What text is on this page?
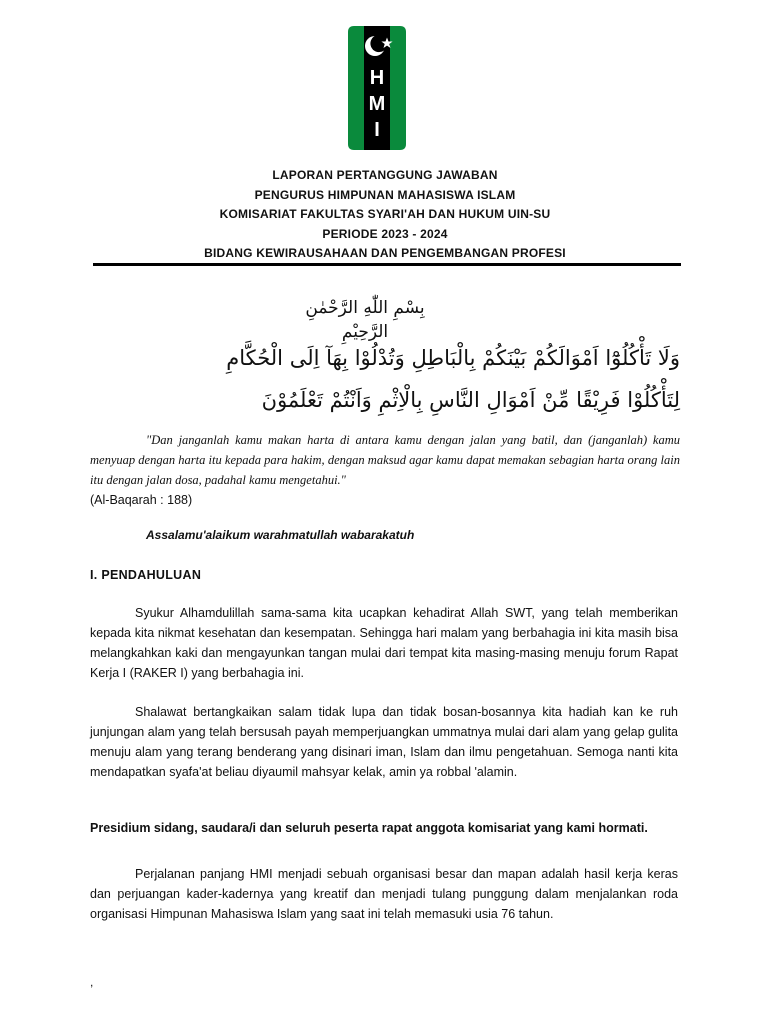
H
M
I
LAPORAN PERTANGGUNG JAWABAN
PENGURUS HIMPUNAN MAHASISWA ISLAM
KOMISARIAT FAKULTAS SYARI'AH DAN HUKUM UIN-SU
PERIODE 2023 - 2024
BIDANG KEWIRAUSAHAAN DAN PENGEMBANGAN PROFESI
بِسْمِ اللّٰهِ الرَّحْمٰنِ الرَّحِيْمِ
وَلَا تَأْكُلُوْٓا اَمْوَالَكُمْ بَيْنَكُمْ بِالْبَاطِلِ وَتُدْلُوْا بِهَآ اِلَى الْحُكَّامِ
لِتَأْكُلُوْا فَرِيْقًا مِّنْ اَمْوَالِ النَّاسِ بِالْاِثْمِ وَاَنْتُمْ تَعْلَمُوْنَ

"Dan janganlah kamu makan harta di antara kamu dengan jalan yang batil, dan (janganlah) kamu menyuap dengan harta itu kepada para hakim, dengan maksud agar kamu dapat memakan sebagian harta orang lain itu dengan jalan dosa, padahal kamu mengetahui."
(Al-Baqarah : 188)

Assalamu'alaikum warahmatullah wabarakatuh

I. PENDAHULUAN

Syukur Alhamdulillah sama-sama kita ucapkan kehadirat Allah SWT, yang telah memberikan kepada kita nikmat kesehatan dan kesempatan. Sehingga hari malam yang berbahagia ini kita masih bisa melangkahkan kaki dan mengayunkan tangan mulai dari tempat kita masing-masing menuju forum Rapat Kerja I (RAKER I) yang berbahagia ini.

Shalawat bertangkaikan salam tidak lupa dan tidak bosan-bosannya kita hadiah kan ke ruh junjungan alam yang telah bersusah payah memperjuangkan ummatnya mulai dari alam yang gelap gulita menuju alam yang terang benderang yang disinari iman, Islam dan ilmu pengetahuan. Semoga nanti kita mendapatkan syafa'at beliau diyaumil mahsyar kelak, amin ya robbal 'alamin.

Presidium sidang, saudara/i dan seluruh peserta rapat anggota komisariat yang kami hormati.

Perjalanan panjang HMI menjadi sebuah organisasi besar dan mapan adalah hasil kerja keras dan perjuangan kader-kadernya yang kreatif dan menjadi tulang punggung dalam menjalankan roda organisasi Himpunan Mahasiswa Islam yang saat ini telah memasuki usia 76 tahun.

,
